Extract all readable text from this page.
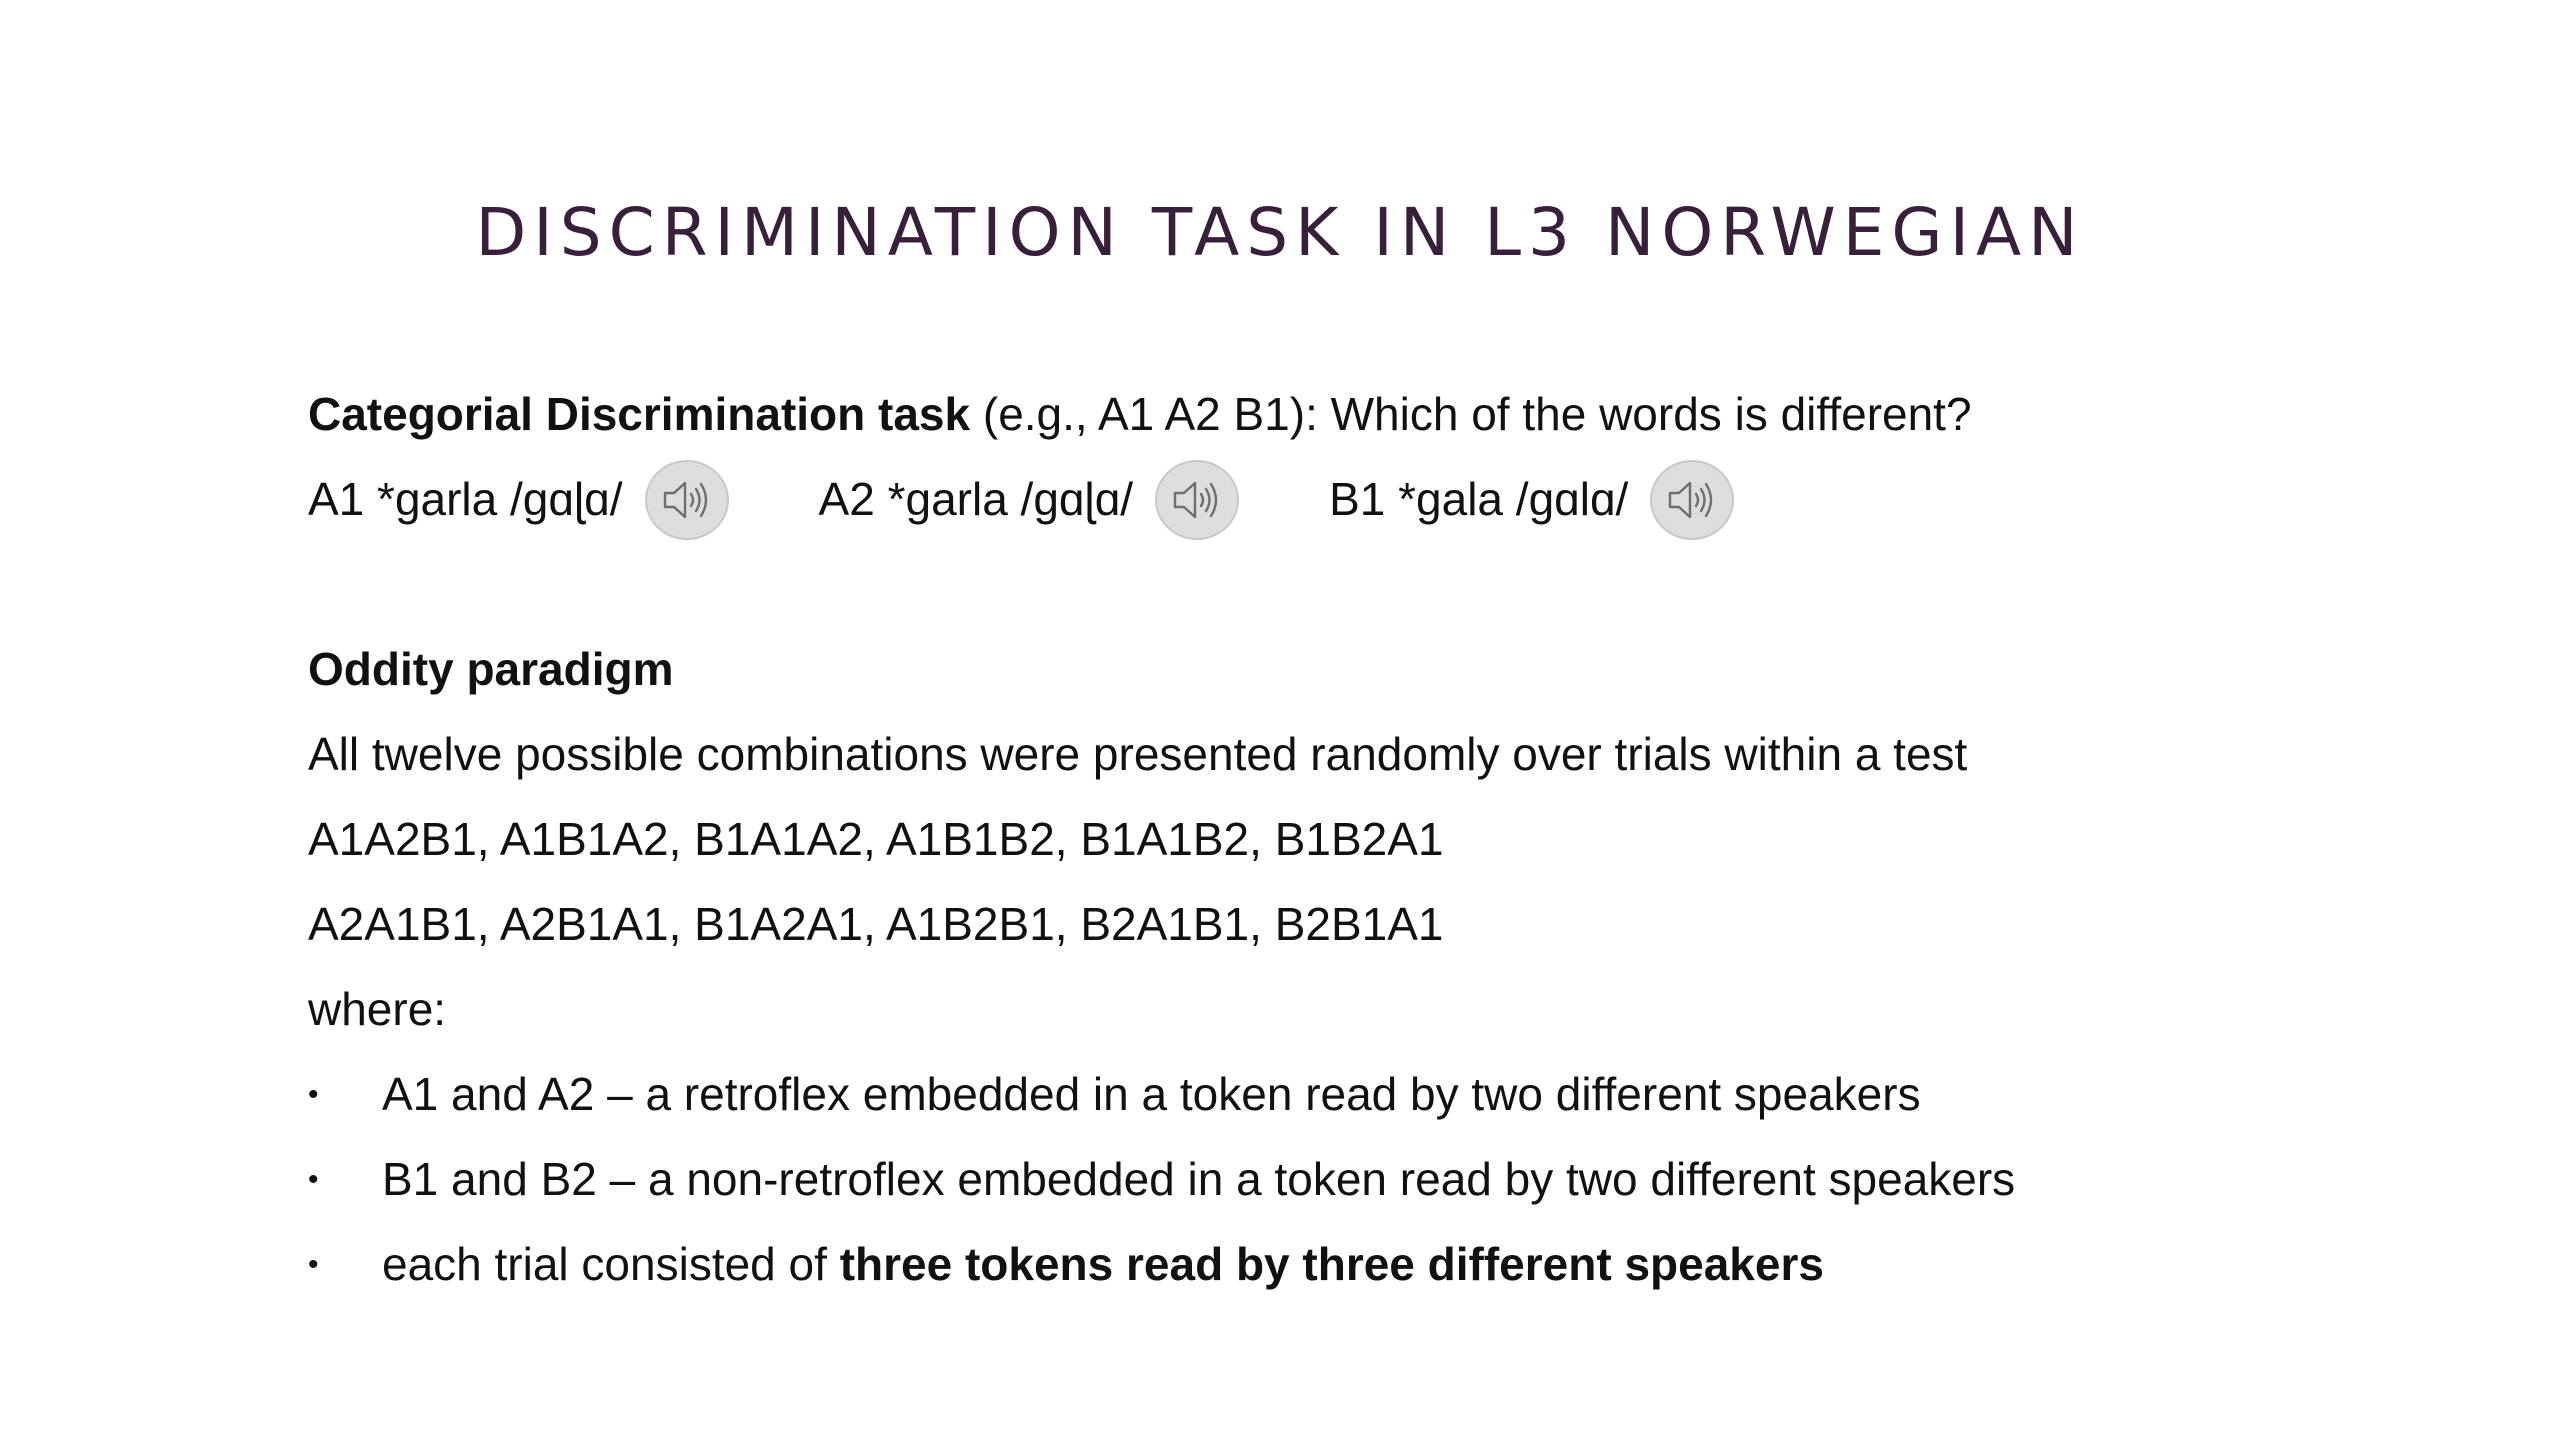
DISCRIMINATION TASK IN L3 NORWEGIAN
Categorial Discrimination task (e.g., A1 A2 B1): Which of the words is different?
A1 *garla /gɑɭɑ/	A2 *garla /gɑɭɑ/	B1 *gala /gɑlɑ/
Oddity paradigm
All twelve possible combinations were presented randomly over trials within a test
A1A2B1, A1B1A2, B1A1A2, A1B1B2, B1A1B2, B1B2A1
A2A1B1, A2B1A1, B1A2A1, A1B2B1, B2A1B1, B2B1A1
where:
•	A1 and A2 – a retroflex embedded in a token read by two different speakers
•	B1 and B2 – a non-retroflex embedded in a token read by two different speakers
•	each trial consisted of three tokens read by three different speakers
